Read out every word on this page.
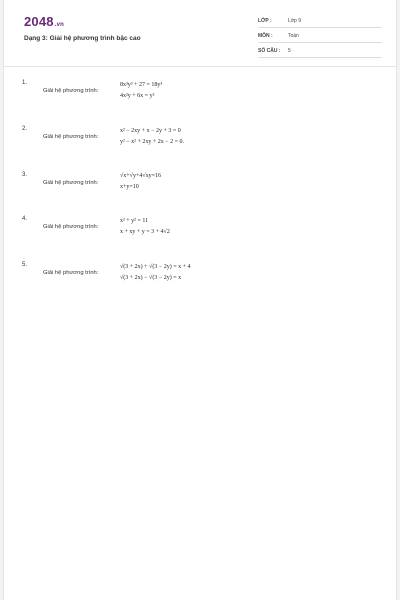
2048.vn
Dạng 3: Giải hệ phương trình bậc cao
LỚP :	Lớp 9
MÔN :	Toán
SỐ CÂU : 5
1.
Giải hệ phương trình:
8x³y³ + 27 = 18y³
4x²y + 6x = y²
2.
Giải hệ phương trình:
x² − 2xy + x − 2y + 3 = 0
y² − x² + 2xy + 2x − 2 = 0.
3.
Giải hệ phương trình:
√x+√y+4√xy=16
x+y=10
4.
Giải hệ phương trình:
x² + y² = 11
x + xy + y = 3 + 4√2
5.
Giải hệ phương trình:
√(3 + 2x) + √(3 − 2y) = x + 4
√(3 + 2x) − √(3 − 2y) = x
